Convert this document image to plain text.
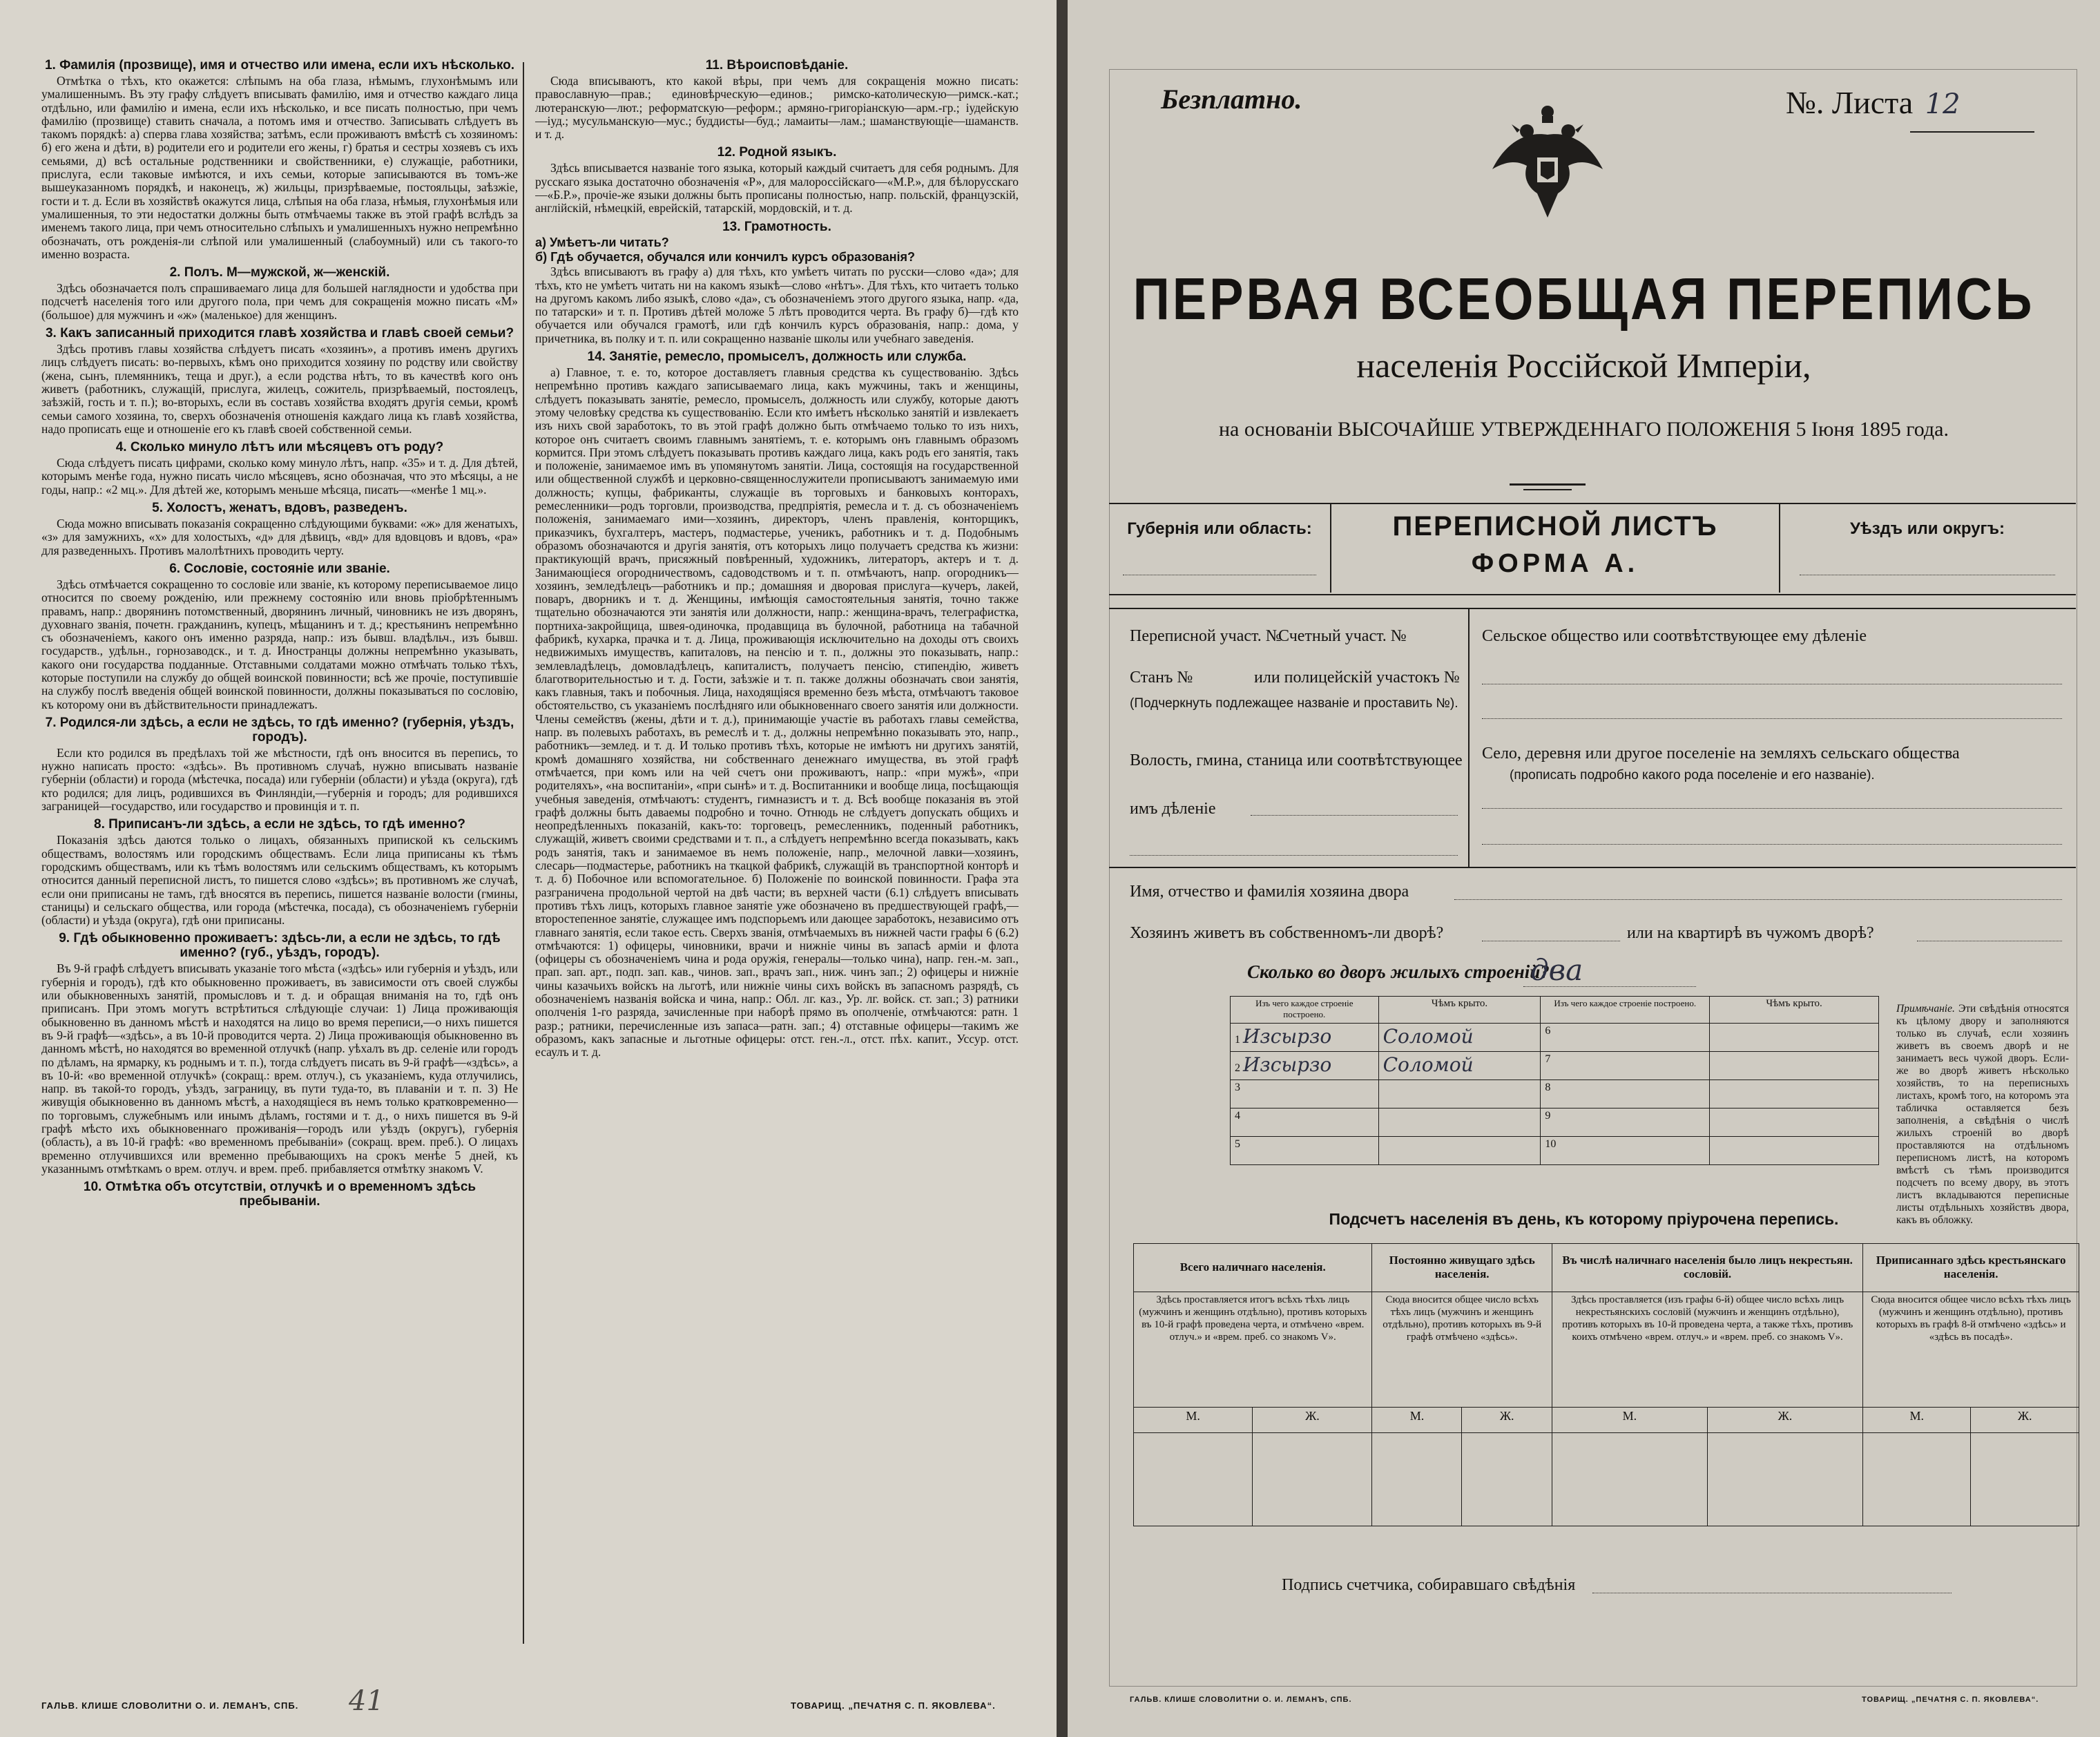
1. Фамилія (прозвище), имя и отчество или имена, если ихъ нѣсколько.

Отмѣтка о тѣхъ, кто окажется: слѣпымъ на оба глаза, нѣмымъ, глухонѣмымъ или умалишеннымъ. Въ эту графу слѣдуетъ вписывать фамилію, имя и отчество каждаго лица отдѣльно, или фамилію и имена, если ихъ нѣсколько, и все писать полностью, при чемъ фамилію (прозвище) ставить сначала, а потомъ имя и отчество. Записывать слѣдуетъ въ такомъ порядкѣ: а) сперва глава хозяйства; затѣмъ, если проживаютъ вмѣстѣ съ хозяиномъ: б) его жена и дѣти, в) родители его и родители его жены, г) братья и сестры хозяевъ съ ихъ семьями, д) всѣ остальные родственники и свойственники, е) служащіе, работники, прислуга, если таковые имѣются, и ихъ семьи, которые записываются въ томъ-же вышеуказанномъ порядкѣ, и наконецъ, ж) жильцы, призрѣваемые, постояльцы, заѣзжіе, гости и т. д. Если въ хозяйствѣ окажутся лица, слѣпыя на оба глаза, нѣмыя, глухонѣмыя или умалишенныя, то эти недостатки должны быть отмѣчаемы также въ этой графѣ вслѣдъ за именемъ такого лица, при чемъ относительно слѣпыхъ и умалишенныхъ нужно непремѣнно обозначать, отъ рожденія-ли слѣпой или умалишенный (слабоумный) или съ такого-то именно возраста.

2. Полъ. М—мужской, ж—женскій.

Здѣсь обозначается полъ спрашиваемаго лица для большей наглядности и удобства при подсчетѣ населенія того или другого пола, при чемъ для сокращенія можно писать «М» (большое) для мужчинъ и «ж» (маленькое) для женщинъ.

3. Какъ записанный приходится главѣ хозяйства и главѣ своей семьи?

Здѣсь противъ главы хозяйства слѣдуетъ писать «хозяинъ», а противъ именъ другихъ лицъ слѣдуетъ писать: во-первыхъ, кѣмъ оно приходится хозяину по родству или свойству (жена, сынъ, племянникъ, теща и друг.), а если родства нѣтъ, то въ качествѣ кого онъ живетъ (работникъ, служащій, прислуга, жилецъ, сожитель, призрѣваемый, постоялецъ, заѣзжій, гость и т. п.); во-вторыхъ, если въ составъ хозяйства входятъ другія семьи, кромѣ семьи самого хозяина, то, сверхъ обозначенія отношенія каждаго лица къ главѣ хозяйства, надо прописать еще и отношеніе его къ главѣ своей собственной семьи.

4. Сколько минуло лѣтъ или мѣсяцевъ отъ роду?

Сюда слѣдуетъ писать цифрами, сколько кому минуло лѣтъ, напр. «35» и т. д. Для дѣтей, которымъ менѣе года, нужно писать число мѣсяцевъ, ясно обозначая, что это мѣсяцы, а не годы, напр.: «2 мц.». Для дѣтей же, которымъ меньше мѣсяца, писать—«менѣе 1 мц.».

5. Холостъ, женатъ, вдовъ, разведенъ.

Сюда можно вписывать показанія сокращенно слѣдующими буквами: «ж» для женатыхъ, «з» для замужнихъ, «х» для холостыхъ, «д» для дѣвицъ, «вд» для вдовцовъ и вдовъ, «ра» для разведенныхъ. Противъ малолѣтнихъ проводить черту.

6. Сословіе, состояніе или званіе.

Здѣсь отмѣчается сокращенно то сословіе или званіе, къ которому переписываемое лицо относится по своему рожденію, или прежнему состоянію или вновь пріобрѣтеннымъ правамъ, напр.: дворянинъ потомственный, дворянинъ личный, чиновникъ не изъ дворянъ, духовнаго званія, почетн. гражданинъ, купецъ, мѣщанинъ и т. д.; крестьянинъ непремѣнно съ обозначеніемъ, какого онъ именно разряда, напр.: изъ бывш. владѣльч., изъ бывш. государств., удѣльн., горнозаводск., и т. д. Иностранцы должны непремѣнно указывать, какого они государства подданные. Отставными солдатами можно отмѣчать только тѣхъ, которые поступили на службу до общей воинской повинности; всѣ же прочіе, поступившіе на службу послѣ введенія общей воинской повинности, должны показываться по сословію, къ которому они въ дѣйствительности принадлежатъ.

7. Родился-ли здѣсь, а если не здѣсь, то гдѣ именно? (губернія, уѣздъ, городъ).

Если кто родился въ предѣлахъ той же мѣстности, гдѣ онъ вносится въ перепись, то нужно написать просто: «здѣсь». Въ противномъ случаѣ, нужно вписывать названіе губерніи (области) и города (мѣстечка, посада) или губерніи (области) и уѣзда (округа), гдѣ кто родился; для лицъ, родившихся въ Финляндіи,—губернія и городъ; для родившихся заграницей—государство, или государство и провинція и т. п.

8. Приписанъ-ли здѣсь, а если не здѣсь, то гдѣ именно?

Показанія здѣсь даются только о лицахъ, обязанныхъ припиской къ сельскимъ обществамъ, волостямъ или городскимъ обществамъ. Если лица приписаны къ тѣмъ городскимъ обществамъ, или къ тѣмъ волостямъ или сельскимъ обществамъ, къ которымъ относится данный переписной листъ, то пишется слово «здѣсь»; въ противномъ же случаѣ, если они приписаны не тамъ, гдѣ вносятся въ перепись, пишется названіе волости (гмины, станицы) и сельскаго общества, или города (мѣстечка, посада), съ обозначеніемъ губерніи (области) и уѣзда (округа), гдѣ они приписаны.

9. Гдѣ обыкновенно проживаетъ: здѣсь-ли, а если не здѣсь, то гдѣ именно? (губ., уѣздъ, городъ).

Въ 9-й графѣ слѣдуетъ вписывать указаніе того мѣста («здѣсь» или губернія и уѣздъ, или губернія и городъ), гдѣ кто обыкновенно проживаетъ, въ зависимости отъ своей службы или обыкновенныхъ занятій, промысловъ и т. д. и обращая вниманія на то, гдѣ онъ приписанъ. При этомъ могутъ встрѣтиться слѣдующіе случаи: 1) Лица проживающія обыкновенно въ данномъ мѣстѣ и находятся на лицо во время переписи,—о нихъ пишется въ 9-й графѣ—«здѣсь», а въ 10-й проводится черта. 2) Лица проживающія обыкновенно въ данномъ мѣстѣ, но находятся во временной отлучкѣ (напр. уѣхалъ въ др. селеніе или городъ по дѣламъ, на ярмарку, къ роднымъ и т. п.), тогда слѣдуетъ писать въ 9-й графѣ—«здѣсь», а въ 10-й: «во временной отлучкѣ» (сокращ.: врем. отлуч.), съ указаніемъ, куда отлучились, напр. въ такой-то городъ, уѣздъ, заграницу, въ пути туда-то, въ плаваніи и т. п. 3) Не живущія обыкновенно въ данномъ мѣстѣ, а находящіеся въ немъ только кратковременно—по торговымъ, служебнымъ или инымъ дѣламъ, гостями и т. д., о нихъ пишется въ 9-й графѣ мѣсто ихъ обыкновеннаго проживанія—городъ или уѣздъ (округъ), губернія (область), а въ 10-й графѣ: «во временномъ пребываніи» (сокращ. врем. преб.). О лицахъ временно отлучившихся или временно пребывающихъ на срокъ менѣе 5 дней, къ указаннымъ отмѣткамъ о врем. отлуч. и врем. преб. прибавляется отмѣтку знакомъ V.

10. Отмѣтка объ отсутствіи, отлучкѣ и о временномъ здѣсь пребываніи.
11. Вѣроисповѣданіе.

Сюда вписываютъ, кто какой вѣры, при чемъ для сокращенія можно писать: православную—прав.; единовѣрческую—единов.; римско-католическую—римск.-кат.; лютеранскую—лют.; реформатскую—реформ.; армяно-григоріанскую—арм.-гр.; іудейскую—іуд.; мусульманскую—мус.; буддисты—буд.; ламаиты—лам.; шаманствующіе—шаманств. и т. д.

12. Родной языкъ.

Здѣсь вписывается названіе того языка, который каждый считаетъ для себя роднымъ. Для русскаго языка достаточно обозначенія «Р», для малороссійскаго—«М.Р.», для бѣлорусскаго—«Б.Р.», прочіе-же языки должны быть прописаны полностью, напр. польскій, французскій, англійскій, нѣмецкій, еврейскій, татарскій, мордовскій, и т. д.

13. Грамотность.
а) Умѣетъ-ли читать?
б) Гдѣ обучается, обучался или кончилъ курсъ образованія?

Здѣсь вписываютъ въ графу а) для тѣхъ, кто умѣетъ читать по русски—слово «да»; для тѣхъ, кто не умѣетъ читать ни на какомъ языкѣ—слово «нѣтъ». Для тѣхъ, кто читаетъ только на другомъ какомъ либо языкѣ, слово «да», съ обозначеніемъ этого другого языка, напр. «да, по татарски» и т. п. Противъ дѣтей моложе 5 лѣтъ проводится черта. Въ графу б)—гдѣ кто обучается или обучался грамотѣ, или гдѣ кончилъ курсъ образованія, напр.: дома, у причетника, въ полку и т. п. или сокращенно названіе школы или учебнаго заведенія.

14. Занятіе, ремесло, промыселъ, должность или служба.

а) Главное, т. е. то, которое доставляетъ главныя средства къ существованію. Здѣсь непремѣнно противъ каждаго записываемаго лица, какъ мужчины, такъ и женщины, слѣдуетъ показывать занятіе, ремесло, промыселъ, должность или службу, которые даютъ этому человѣку средства къ существованію. Если кто имѣетъ нѣсколько занятій и извлекаетъ изъ нихъ свой заработокъ, то въ этой графѣ должно быть отмѣчаемо только то изъ нихъ, которое онъ считаетъ своимъ главнымъ занятіемъ, т. е. которымъ онъ главнымъ образомъ кормится. При этомъ слѣдуетъ показывать противъ каждаго лица, какъ родъ его занятія, такъ и положеніе, занимаемое имъ въ упомянутомъ занятіи. Лица, состоящія на государственной или общественной службѣ и церковно-священнослужители прописываютъ занимаемую ими должность; купцы, фабриканты, служащіе въ торговыхъ и банковыхъ конторахъ, ремесленники—родъ торговли, производства, предпріятія, ремесла и т. д. съ обозначеніемъ положенія, занимаемаго ими—хозяинъ, директоръ, членъ правленія, конторщикъ, приказчикъ, бухгалтеръ, мастеръ, подмастерье, ученикъ, работникъ и т. д. Подобнымъ образомъ обозначаются и другія занятія, отъ которыхъ лицо получаетъ средства къ жизни: практикующій врачъ, присяжный повѣренный, художникъ, литераторъ, актеръ и т. д. Занимающіеся огородничествомъ, садоводствомъ и т. п. отмѣчаютъ, напр. огородникъ—хозяинъ, земледѣлецъ—работникъ и пр.; домашняя и дворовая прислуга—кучеръ, лакей, поваръ, дворникъ и т. д. Женщины, имѣющія самостоятельныя занятія, точно также тщательно обозначаются эти занятія или должности, напр.: женщина-врачъ, телеграфистка, портниха-закройщица, швея-одиночка, продавщица въ булочной, работница на табачной фабрикѣ, кухарка, прачка и т. д. Лица, проживающія исключительно на доходы отъ своихъ недвижимыхъ имуществъ, капиталовъ, на пенсію и т. п., должны это показывать, напр.: землевладѣлецъ, домовладѣлецъ, капиталистъ, получаетъ пенсію, стипендію, живетъ благотворительностью и т. д. Гости, заѣзжіе и т. п. также должны обозначать свои занятія, какъ главныя, такъ и побочныя. Лица, находящіяся временно безъ мѣста, отмѣчаютъ таковое обстоятельство, съ указаніемъ послѣдняго или обыкновеннаго своего занятія или должности. Члены семействъ (жены, дѣти и т. д.), принимающіе участіе въ работахъ главы семейства, напр. въ полевыхъ работахъ, въ ремеслѣ и т. д., должны непремѣнно показывать это, напр., работникъ—землед. и т. д. И только противъ тѣхъ, которые не имѣютъ ни другихъ занятій, кромѣ домашняго хозяйства, ни собственнаго денежнаго имущества, въ этой графѣ отмѣчается, при комъ или на чей счетъ они проживаютъ, напр.: «при мужѣ», «при родителяхъ», «на воспитаніи», «при сынѣ» и т. д. Воспитанники и вообще лица, посѣщающія учебныя заведенія, отмѣчаютъ: студентъ, гимназистъ и т. д. Всѣ вообще показанія въ этой графѣ должны быть даваемы подробно и точно. Отнюдь не слѣдуетъ допускать общихъ и неопредѣленныхъ показаній, какъ-то: торговецъ, ремесленникъ, поденный работникъ, служащій, живетъ своими средствами и т. п., а слѣдуетъ непремѣнно всегда показывать, какъ родъ занятія, такъ и занимаемое въ немъ положеніе, напр., мелочной лавки—хозяинъ, слесарь—подмастерье, работникъ на ткацкой фабрикѣ, служащій въ транспортной конторѣ и т. д. б) Побочное или вспомогательное. б) Положеніе по воинской повинности. Графа эта разграничена продольной чертой на двѣ части; въ верхней части (6.1) слѣдуетъ вписывать противъ тѣхъ лицъ, которыхъ главное занятіе уже обозначено въ предшествующей графѣ,—второстепенное занятіе, служащее имъ подспорьемъ или дающее заработокъ, независимо отъ главнаго занятія, если такое есть. Сверхъ званія, отмѣчаемыхъ въ нижней части графы 6 (6.2) отмѣчаются: 1) офицеры, чиновники, врачи и нижніе чины въ запасѣ арміи и флота (офицеры съ обозначеніемъ чина и рода оружія, генералы—только чина), напр. ген.-м. зап., прап. зап. арт., подп. зап. кав., чинов. зап., врачъ зап., ниж. чинъ зап.; 2) офицеры и нижніе чины казачьихъ войскъ на льготѣ, или нижніе чины сихъ войскъ въ запасномъ разрядѣ, съ обозначеніемъ названія войска и чина, напр.: Обл. лг. каз., Ур. лг. войск. ст. зап.; 3) ратники ополченія 1-го разряда, зачисленные при наборѣ прямо въ ополченіе, отмѣчаются: ратн. 1 разр.; ратники, перечисленные изъ запаса—ратн. зап.; 4) отставные офицеры—такимъ же образомъ, какъ запасные и льготные офицеры: отст. ген.-л., отст. пѣх. капит., Уссур. отст. есаулъ и т. д.

ГАЛЬВ. КЛИШЕ СЛОВОЛИТНИ О. И. ЛЕМАНЪ, СПБ.	ТОВАРИЩ. „ПЕЧАТНЯ С. П. ЯКОВЛЕВА“.
41
Безплатно.	№. Листа 12
ПЕРВАЯ ВСЕОБЩАЯ ПЕРЕПИСЬ
населенія Россійской Имперіи,
на основаніи ВЫСОЧАЙШЕ УТВЕРЖДЕННАГО ПОЛОЖЕНІЯ 5 Іюня 1895 года.
Губернія или область:	ПЕРЕПИСНОЙ ЛИСТЪ
ФОРМА А.
Уѣздъ или округъ:
Переписной участ. №
Счетный участ. №
Станъ №	или полицейскій участокъ №
(Подчеркнуть подлежащее названіе и проставить №).
Волость, гмина, станица или соотвѣтствующее
имъ дѣленіе
Сельское общество или соотвѣтствующее ему дѣленіе
Село, деревня или другое поселеніе на земляхъ сельскаго общества
(прописать подробно какого рода поселеніе и его названіе).
Имя, отчество и фамилія хозяина двора
Хозяинъ живетъ въ собственномъ-ли дворѣ?	или на квартирѣ въ чужомъ дворѣ?
Сколько во дворъ жилыхъ строеній?
два
Изъ чего каждое строеніе построено.	Чѣмъ крыто.	Изъ чего каждое строеніе построено.	Чѣмъ крыто.
1 Изсырзо	Соломой	6	
2 Изсырзо	Соломой	7	
3		8	
4		9	
5		10	
Примѣчаніе. Эти свѣдѣнія относятся къ цѣлому двору и заполняются только въ случаѣ, если хозяинъ живетъ въ своемъ дворѣ и не занимаетъ весь чужой дворъ. Если-же во дворѣ живетъ нѣсколько хозяйствъ, то на переписныхъ листахъ, кромѣ того, на которомъ эта табличка оставляется безъ заполненія, а свѣдѣнія о числѣ жилыхъ строеній во дворѣ проставляются на отдѣльномъ переписномъ листѣ, на которомъ вмѣстѣ съ тѣмъ производится подсчетъ по всему двору, въ этотъ листъ вкладываются переписные листы отдѣльныхъ хозяйствъ двора, какъ въ обложку.
Подсчетъ населенія въ день, къ которому пріурочена перепись.
Всего наличнаго населенія.		Постоянно живущаго здѣсь населенія.		Въ числѣ наличнаго населенія было лицъ некрестьян. сословій.		Приписаннаго здѣсь крестьянскаго населенія.	
Здѣсь проставляется итогъ всѣхъ тѣхъ лицъ (мужчинъ и женщинъ отдѣльно), противъ которыхъ въ 10-й графѣ проведена черта, и отмѣчено «врем. отлуч.» и «врем. преб. со знакомъ V».		Сюда вносится общее число всѣхъ тѣхъ лицъ (мужчинъ и женщинъ отдѣльно), противъ которыхъ въ 9-й графѣ отмѣчено «здѣсь».		Здѣсь проставляется (изъ графы 6-й) общее число всѣхъ лицъ некрестьянскихъ сословій (мужчинъ и женщинъ отдѣльно), противъ которыхъ въ 10-й проведена черта, а также тѣхъ, противъ коихъ отмѣчено «врем. отлуч.» и «врем. преб. со знакомъ V».		Сюда вносится общее число всѣхъ тѣхъ лицъ (мужчинъ и женщинъ отдѣльно), противъ которыхъ въ графѣ 8-й отмѣчено «здѣсь» и «здѣсь въ посадѣ».	
М.	Ж.	М.	Ж.	М.	Ж.	М.	Ж.

Подпись счетчика, собиравшаго свѣдѣнія
ГАЛЬВ. КЛИШЕ СЛОВОЛИТНИ О. И. ЛЕМАНЪ, СПБ.	ТОВАРИЩ. „ПЕЧАТНЯ С. П. ЯКОВЛЕВА“.
